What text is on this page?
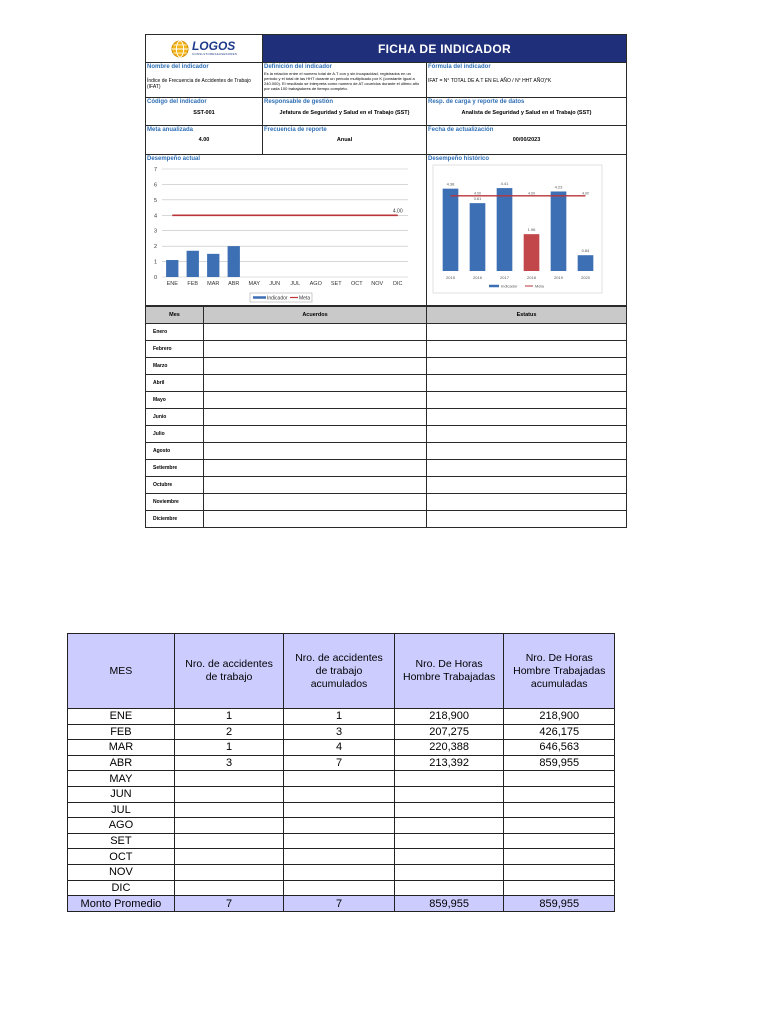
LOGOS
CONSULTORES&ASESORES	FICHA DE INDICADOR
Nombre del indicador
Índice de Frecuencia de Accidentes de Trabajo (IFAT)
Definición del indicador
Es la relación entre el numero total de A.T con y sin incapacidad, registrados en un periodo y el total de las HHT durante un periodo multiplicado por K (constante igual a 240.000). El resultado se interpreta como numero de AT ocurridos durante el último año por cada 100 trabajadores de tiempo completo.
Fórmula del indicador
IFAT = N° TOTAL DE A.T EN EL AÑO / N° HHT AÑO)*K
Código del indicador
SST-001
Responsable de gestión
Jefatura de Seguridad y Salud en el Trabajo (SST)
Resp. de carga y reporte de datos
Analista de Seguridad y Salud en el Trabajo (SST)
Meta anualizada
4.00
Frecuencia de reporte
Anual
Fecha de actualización
00/00/2023
Desempeño actual
0
1
2
3
4
5
6
7
ENE FEB MAR ABR MAY JUN JUL AGO SET OCT NOV DIC
4.00
Indicador Meta
Desempeño histórico
4.38
2015
3.61
2016
4.41
2017
1.96
2018
4.23
2019
0.84
2020
4.00	4.00	4.00
Indicador	Meta
Mes	Acuerdos	Estatus
Enero
Febrero
Marzo
Abril
Mayo
Junio
Julio
Agosto
Setiembre
Octubre
Noviembre
Diciembre
MES	Nro. de accidentes de trabajo	Nro. de accidentes de trabajo acumulados	Nro. De Horas Hombre Trabajadas	Nro. De Horas Hombre Trabajadas acumuladas
ENE	1	1	218,900	218,900
FEB	2	3	207,275	426,175
MAR	1	4	220,388	646,563
ABR	3	7	213,392	859,955
MAY				
JUN				
JUL				
AGO				
SET				
OCT				
NOV				
DIC				
Monto Promedio	7	7	859,955	859,955
